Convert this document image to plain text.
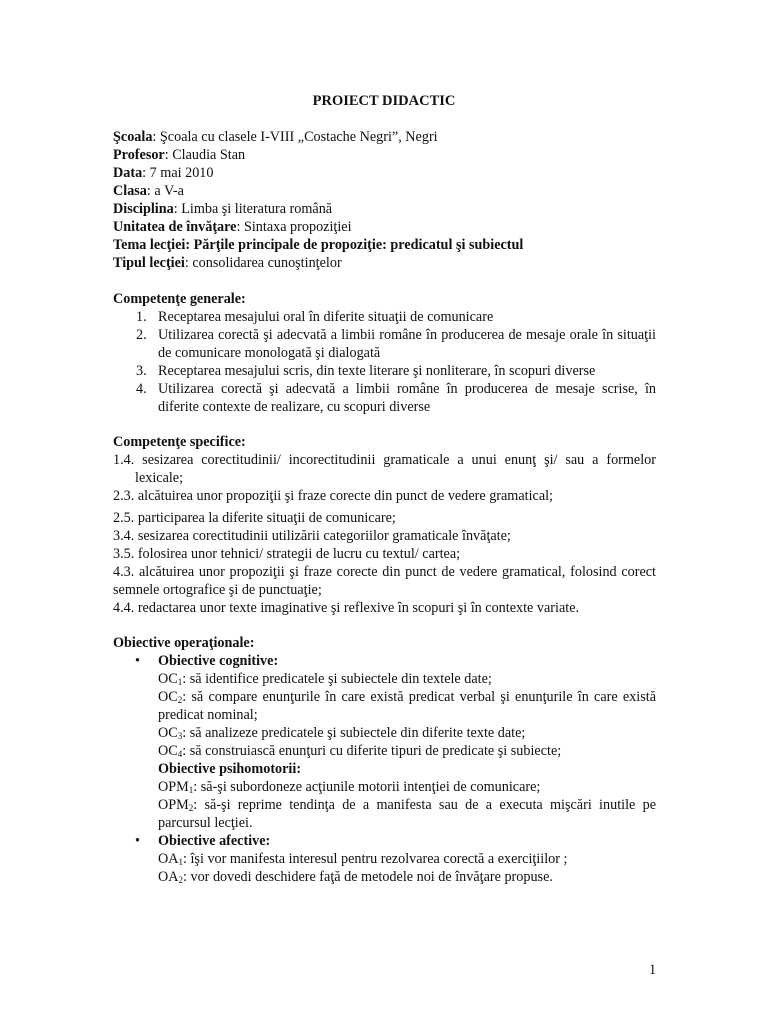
PROIECT DIDACTIC
Şcoala: Şcoala cu clasele I-VIII „Costache Negri”, Negri
Profesor: Claudia Stan
Data: 7 mai 2010
Clasa: a V-a
Disciplina: Limba şi literatura română
Unitatea de învăţare: Sintaxa propoziţiei
Tema lecţiei: Părţile principale de propoziţie: predicatul şi subiectul
Tipul lecţiei: consolidarea cunoştinţelor
Competenţe generale:
1. Receptarea mesajului oral în diferite situaţii de comunicare
2. Utilizarea corectă şi adecvată a limbii române în producerea de mesaje orale în situaţii de comunicare monologată şi dialogată
3. Receptarea mesajului scris, din texte literare şi nonliterare, în scopuri diverse
4. Utilizarea corectă şi adecvată a limbii române în producerea de mesaje scrise, în diferite contexte de realizare, cu scopuri diverse
Competenţe specifice:
1.4. sesizarea corectitudinii/ incorectitudinii gramaticale a unui enunţ şi/ sau a formelor lexicale;
2.3. alcătuirea unor propoziţii şi fraze corecte din punct de vedere gramatical;
2.5. participarea la diferite situaţii de comunicare;
3.4. sesizarea corectitudinii utilizării categoriilor gramaticale învăţate;
3.5. folosirea unor tehnici/ strategii de lucru cu textul/ cartea;
4.3. alcătuirea unor propoziţii şi fraze corecte din punct de vedere gramatical, folosind corect semnele ortografice şi de punctuaţie;
4.4. redactarea unor texte imaginative şi reflexive în scopuri şi în contexte variate.
Obiective operaţionale:
• Obiective cognitive:
$OC_1$: să identifice predicatele şi subiectele din textele date;
$OC_2$: să compare enunţurile în care există predicat verbal şi enunţurile în care există predicat nominal;
$OC_3$: să analizeze predicatele şi subiectele din diferite texte date;
$OC_4$: să construiască enunţuri cu diferite tipuri de predicate şi subiecte;
Obiective psihomotorii:
$OPM_1$: să-şi subordoneze acţiunile motorii intenţiei de comunicare;
$OPM_2$: să-şi reprime tendinţa de a manifesta sau de a executa mişcări inutile pe parcursul lecţiei.
• Obiective afective:
$OA_1$: îşi vor manifesta interesul pentru rezolvarea corectă a exerciţiilor ;
$OA_2$: vor dovedi deschidere faţă de metodele noi de învăţare propuse.
1
